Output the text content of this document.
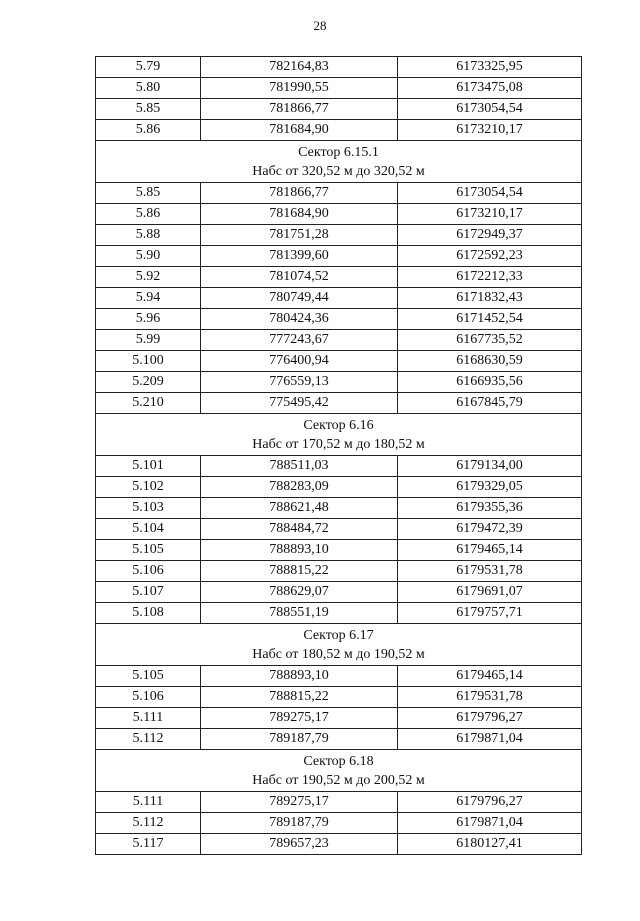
28
5.79	782164,83	6173325,95
5.80	781990,55	6173475,08
5.85	781866,77	6173054,54
5.86	781684,90	6173210,17

Сектор 6.15.1
Набс от 320,52 м до 320,52 м		

5.85	781866,77	6173054,54
5.86	781684,90	6173210,17
5.88	781751,28	6172949,37
5.90	781399,60	6172592,23
5.92	781074,52	6172212,33
5.94	780749,44	6171832,43
5.96	780424,36	6171452,54
5.99	777243,67	6167735,52
5.100	776400,94	6168630,59
5.209	776559,13	6166935,56
5.210	775495,42	6167845,79

Сектор 6.16
Набс от 170,52 м до 180,52 м		

5.101	788511,03	6179134,00
5.102	788283,09	6179329,05
5.103	788621,48	6179355,36
5.104	788484,72	6179472,39
5.105	788893,10	6179465,14
5.106	788815,22	6179531,78
5.107	788629,07	6179691,07
5.108	788551,19	6179757,71

Сектор 6.17
Набс от 180,52 м до 190,52 м		

5.105	788893,10	6179465,14
5.106	788815,22	6179531,78
5.111	789275,17	6179796,27
5.112	789187,79	6179871,04

Сектор 6.18
Набс от 190,52 м до 200,52 м		

5.111	789275,17	6179796,27
5.112	789187,79	6179871,04
5.117	789657,23	6180127,41
